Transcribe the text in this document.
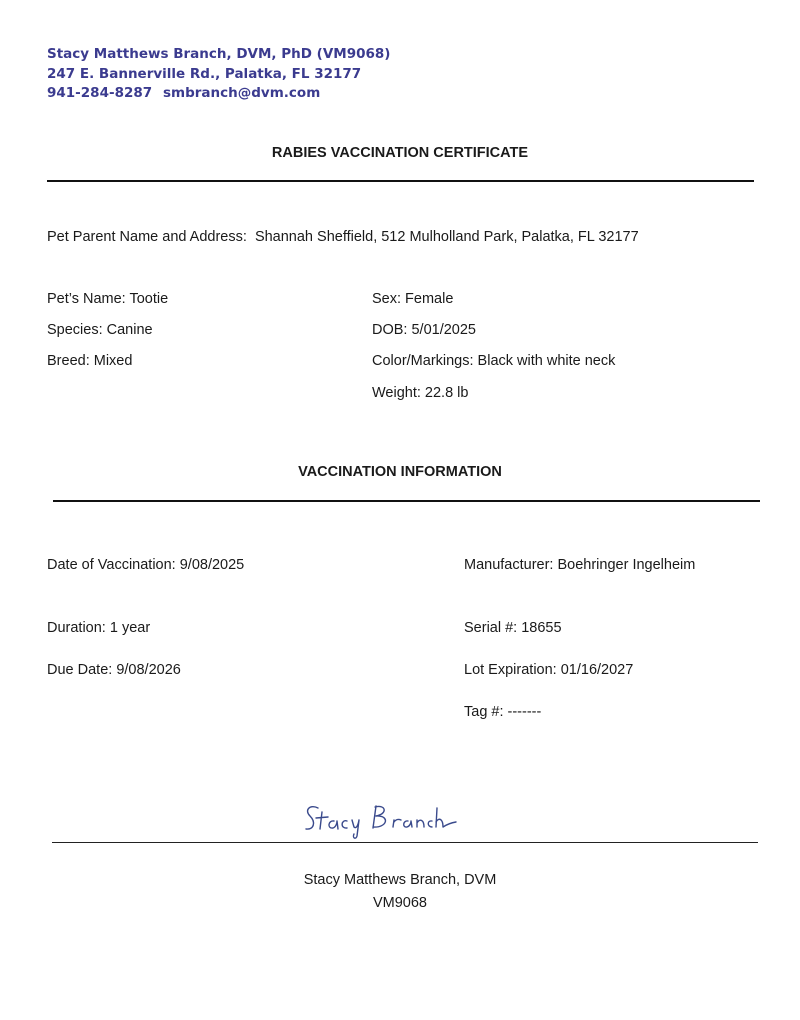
Stacy Matthews Branch, DVM, PhD (VM9068)
247 E. Bannerville Rd., Palatka, FL 32177
941-284-8287 smbranch@dvm.com
RABIES VACCINATION CERTIFICATE
Pet Parent Name and Address: Shannah Sheffield, 512 Mulholland Park, Palatka, FL 32177
Pet’s Name: Tootie
Species: Canine
Breed: Mixed
Sex: Female
DOB: 5/01/2025
Color/Markings: Black with white neck
Weight: 22.8 lb
VACCINATION INFORMATION
Date of Vaccination: 9/08/2025
Duration: 1 year
Due Date: 9/08/2026
Manufacturer: Boehringer Ingelheim
Serial #: 18655
Lot Expiration: 01/16/2027
Tag #: -------
Stacy Matthews Branch, DVM
VM9068
